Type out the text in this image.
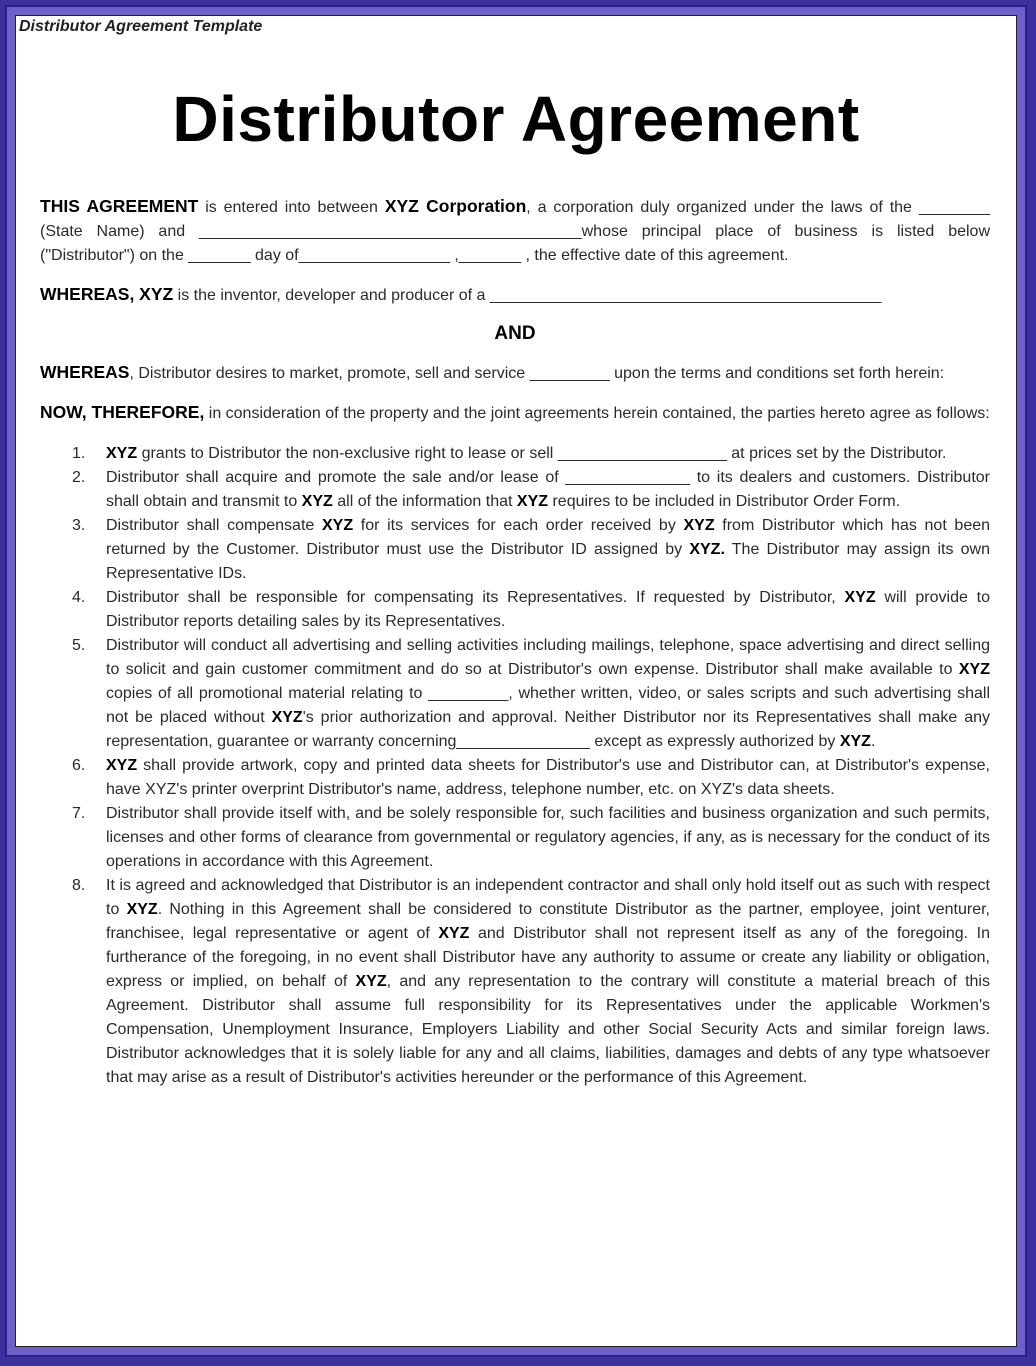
Distributor Agreement Template
Distributor Agreement

THIS AGREEMENT is entered into between XYZ Corporation, a corporation duly organized under the laws of the ________ (State Name) and ___________________________________________whose principal place of business is listed below ("Distributor") on the _______ day of_________________ ,_______ , the effective date of this agreement.

WHEREAS, XYZ is the inventor, developer and producer of a ____________________________________________

AND

WHEREAS, Distributor desires to market, promote, sell and service _________ upon the terms and conditions set forth herein:

NOW, THEREFORE, in consideration of the property and the joint agreements herein contained, the parties hereto agree as follows:

1. XYZ grants to Distributor the non-exclusive right to lease or sell ___________________ at prices set by the Distributor.
2. Distributor shall acquire and promote the sale and/or lease of ______________ to its dealers and customers. Distributor shall obtain and transmit to XYZ all of the information that XYZ requires to be included in Distributor Order Form.
3. Distributor shall compensate XYZ for its services for each order received by XYZ from Distributor which has not been returned by the Customer. Distributor must use the Distributor ID assigned by XYZ. The Distributor may assign its own Representative IDs.
4. Distributor shall be responsible for compensating its Representatives. If requested by Distributor, XYZ will provide to Distributor reports detailing sales by its Representatives.
5. Distributor will conduct all advertising and selling activities including mailings, telephone, space advertising and direct selling to solicit and gain customer commitment and do so at Distributor's own expense. Distributor shall make available to XYZ copies of all promotional material relating to _________, whether written, video, or sales scripts and such advertising shall not be placed without XYZ's prior authorization and approval. Neither Distributor nor its Representatives shall make any representation, guarantee or warranty concerning_______________ except as expressly authorized by XYZ.
6. XYZ shall provide artwork, copy and printed data sheets for Distributor's use and Distributor can, at Distributor's expense, have XYZ's printer overprint Distributor's name, address, telephone number, etc. on XYZ's data sheets.
7. Distributor shall provide itself with, and be solely responsible for, such facilities and business organization and such permits, licenses and other forms of clearance from governmental or regulatory agencies, if any, as is necessary for the conduct of its operations in accordance with this Agreement.
8. It is agreed and acknowledged that Distributor is an independent contractor and shall only hold itself out as such with respect to XYZ. Nothing in this Agreement shall be considered to constitute Distributor as the partner, employee, joint venturer, franchisee, legal representative or agent of XYZ and Distributor shall not represent itself as any of the foregoing. In furtherance of the foregoing, in no event shall Distributor have any authority to assume or create any liability or obligation, express or implied, on behalf of XYZ, and any representation to the contrary will constitute a material breach of this Agreement. Distributor shall assume full responsibility for its Representatives under the applicable Workmen's Compensation, Unemployment Insurance, Employers Liability and other Social Security Acts and similar foreign laws. Distributor acknowledges that it is solely liable for any and all claims, liabilities, damages and debts of any type whatsoever that may arise as a result of Distributor's activities hereunder or the performance of this Agreement.
